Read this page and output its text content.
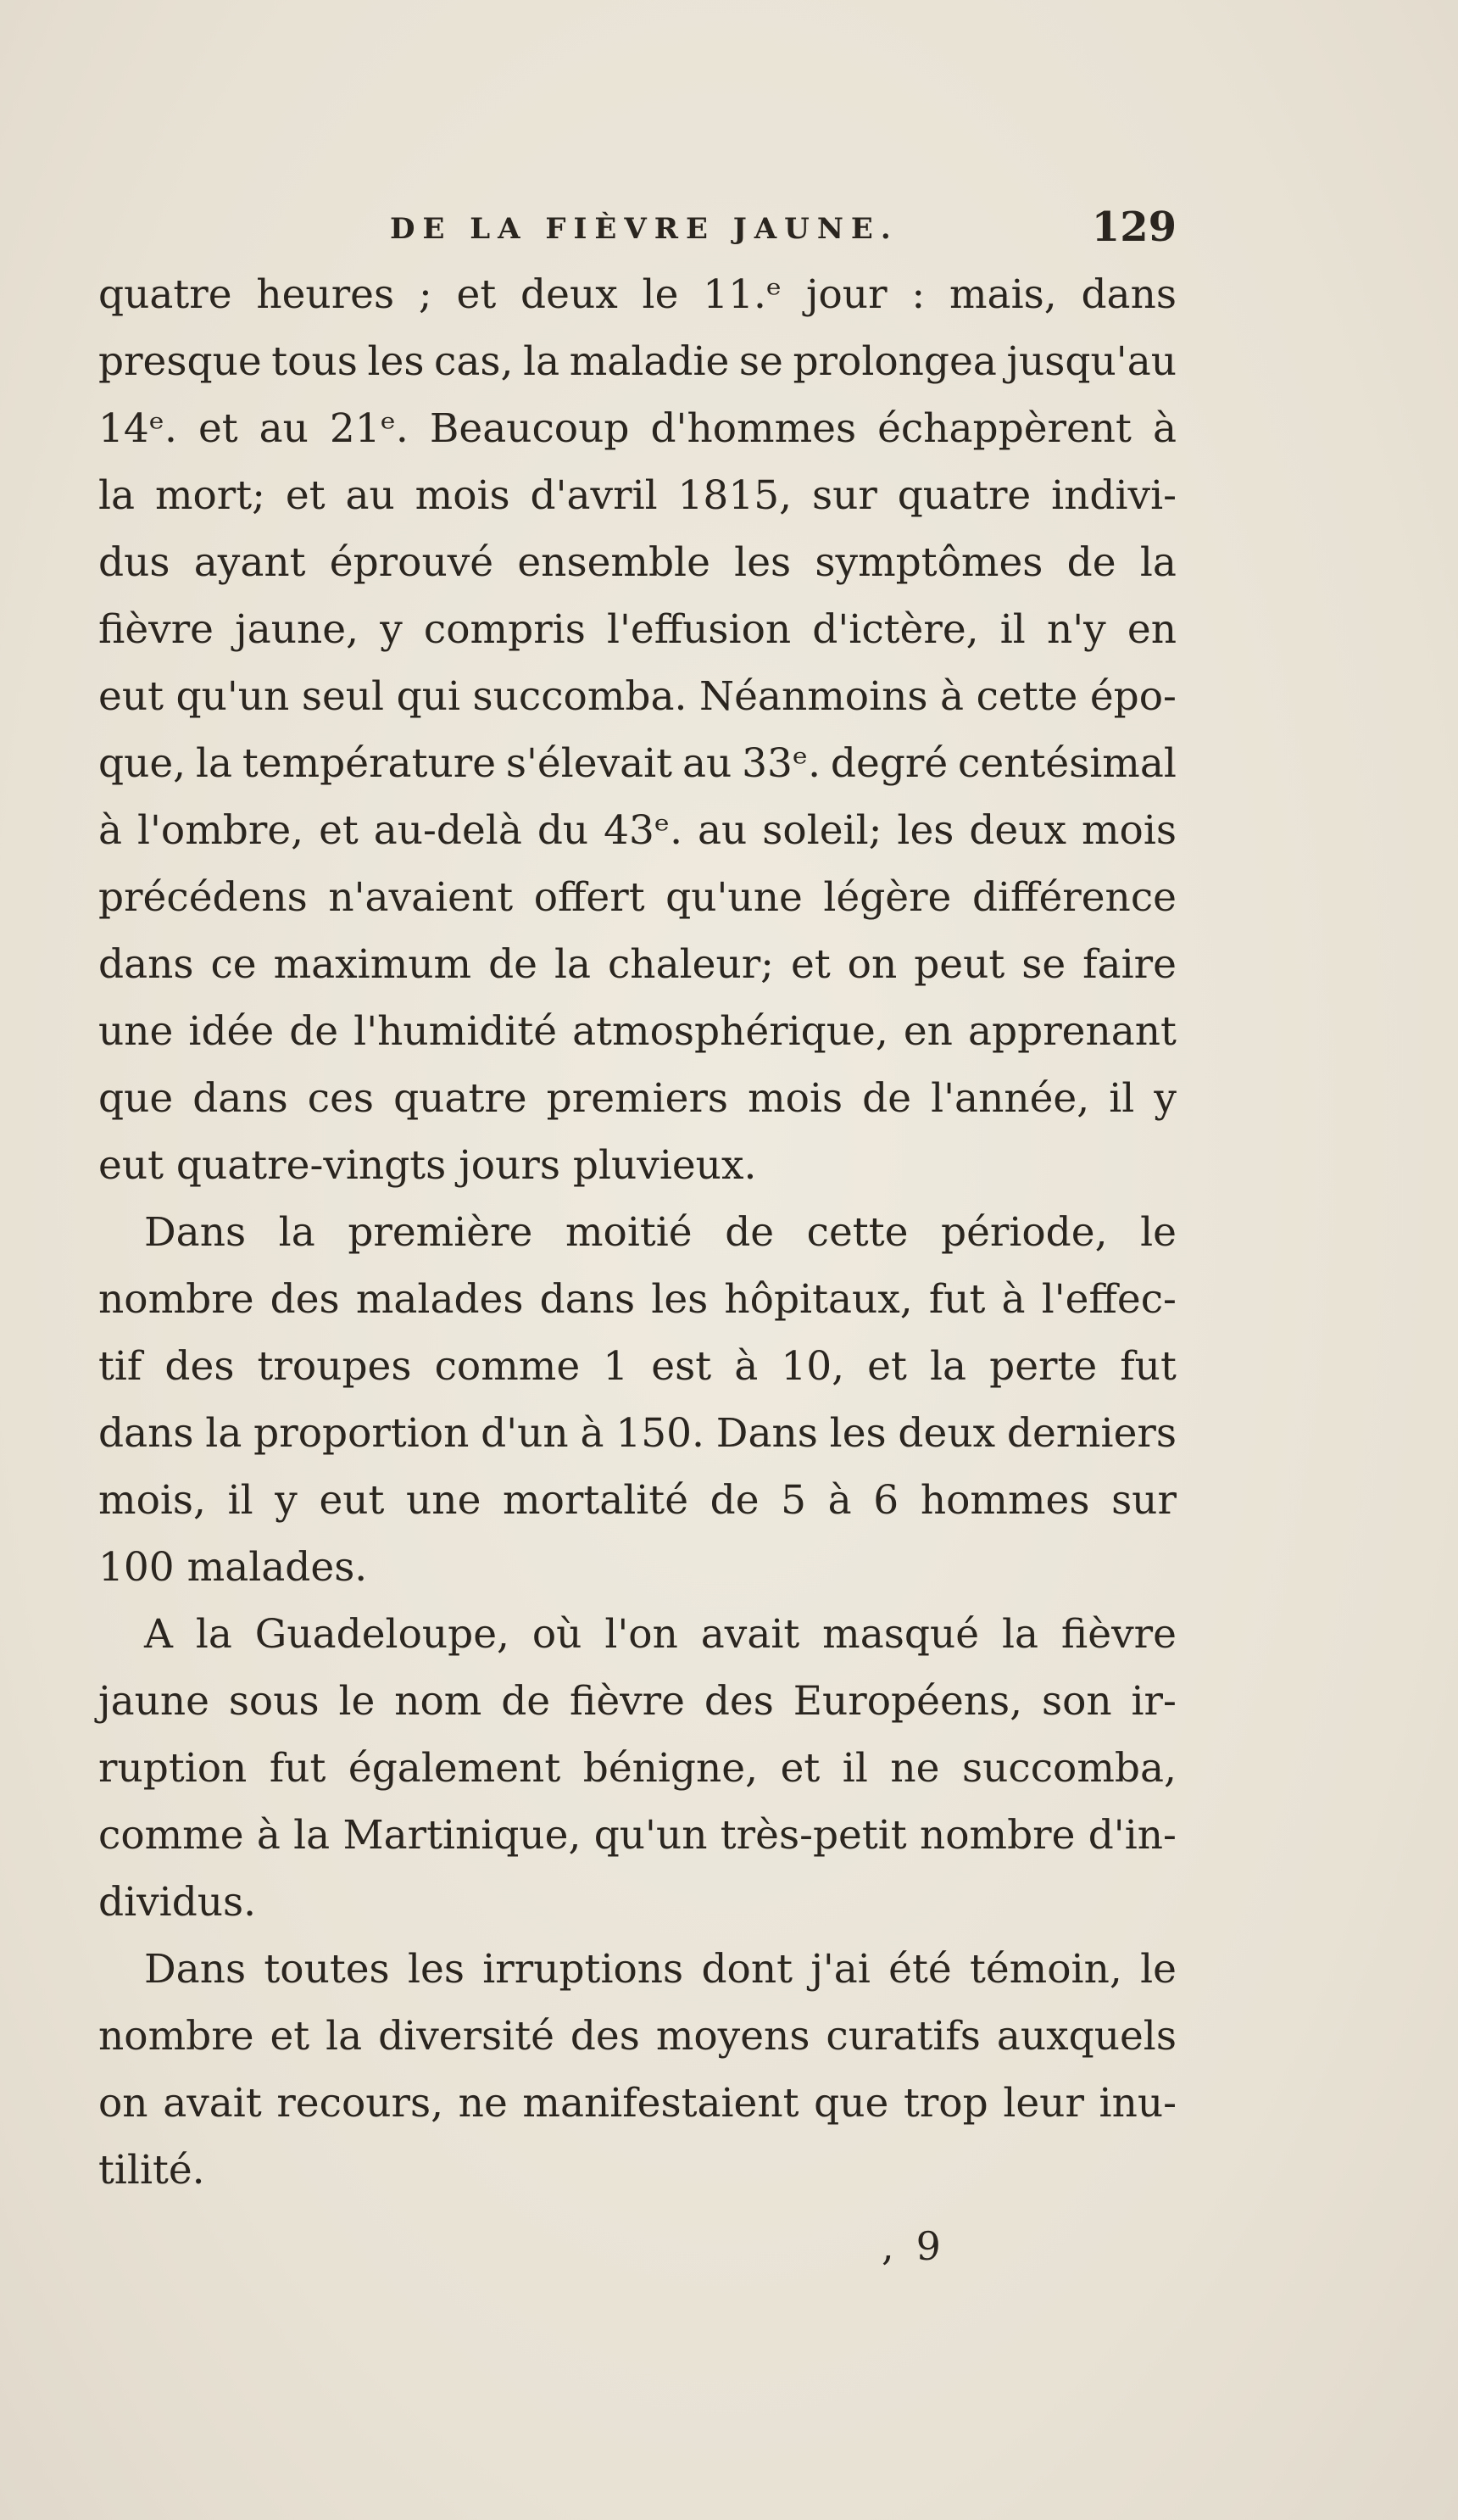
DE LA FIÈVRE JAUNE.	129
quatre heures ; et deux le 11.ᵉ jour : mais, dans
presque tous les cas, la maladie se prolongea jusqu'au
14ᵉ. et au 21ᵉ. Beaucoup d'hommes échappèrent à
la mort; et au mois d'avril 1815, sur quatre indivi-
dus ayant éprouvé ensemble les symptômes de la
fièvre jaune, y compris l'effusion d'ictère, il n'y en
eut qu'un seul qui succomba. Néanmoins à cette épo-
que, la température s'élevait au 33ᵉ. degré centésimal
à l'ombre, et au-delà du 43ᵉ. au soleil; les deux mois
précédens n'avaient offert qu'une légère différence
dans ce maximum de la chaleur; et on peut se faire
une idée de l'humidité atmosphérique, en apprenant
que dans ces quatre premiers mois de l'année, il y
eut quatre-vingts jours pluvieux.
Dans la première moitié de cette période, le
nombre des malades dans les hôpitaux, fut à l'effec-
tif des troupes comme 1 est à 10, et la perte fut
dans la proportion d'un à 150. Dans les deux derniers
mois, il y eut une mortalité de 5 à 6 hommes sur
100 malades.
A la Guadeloupe, où l'on avait masqué la fièvre
jaune sous le nom de fièvre des Européens, son ir-
ruption fut également bénigne, et il ne succomba,
comme à la Martinique, qu'un très-petit nombre d'in-
dividus.
Dans toutes les irruptions dont j'ai été témoin, le
nombre et la diversité des moyens curatifs auxquels
on avait recours, ne manifestaient que trop leur inu-
tilité.
, 9
